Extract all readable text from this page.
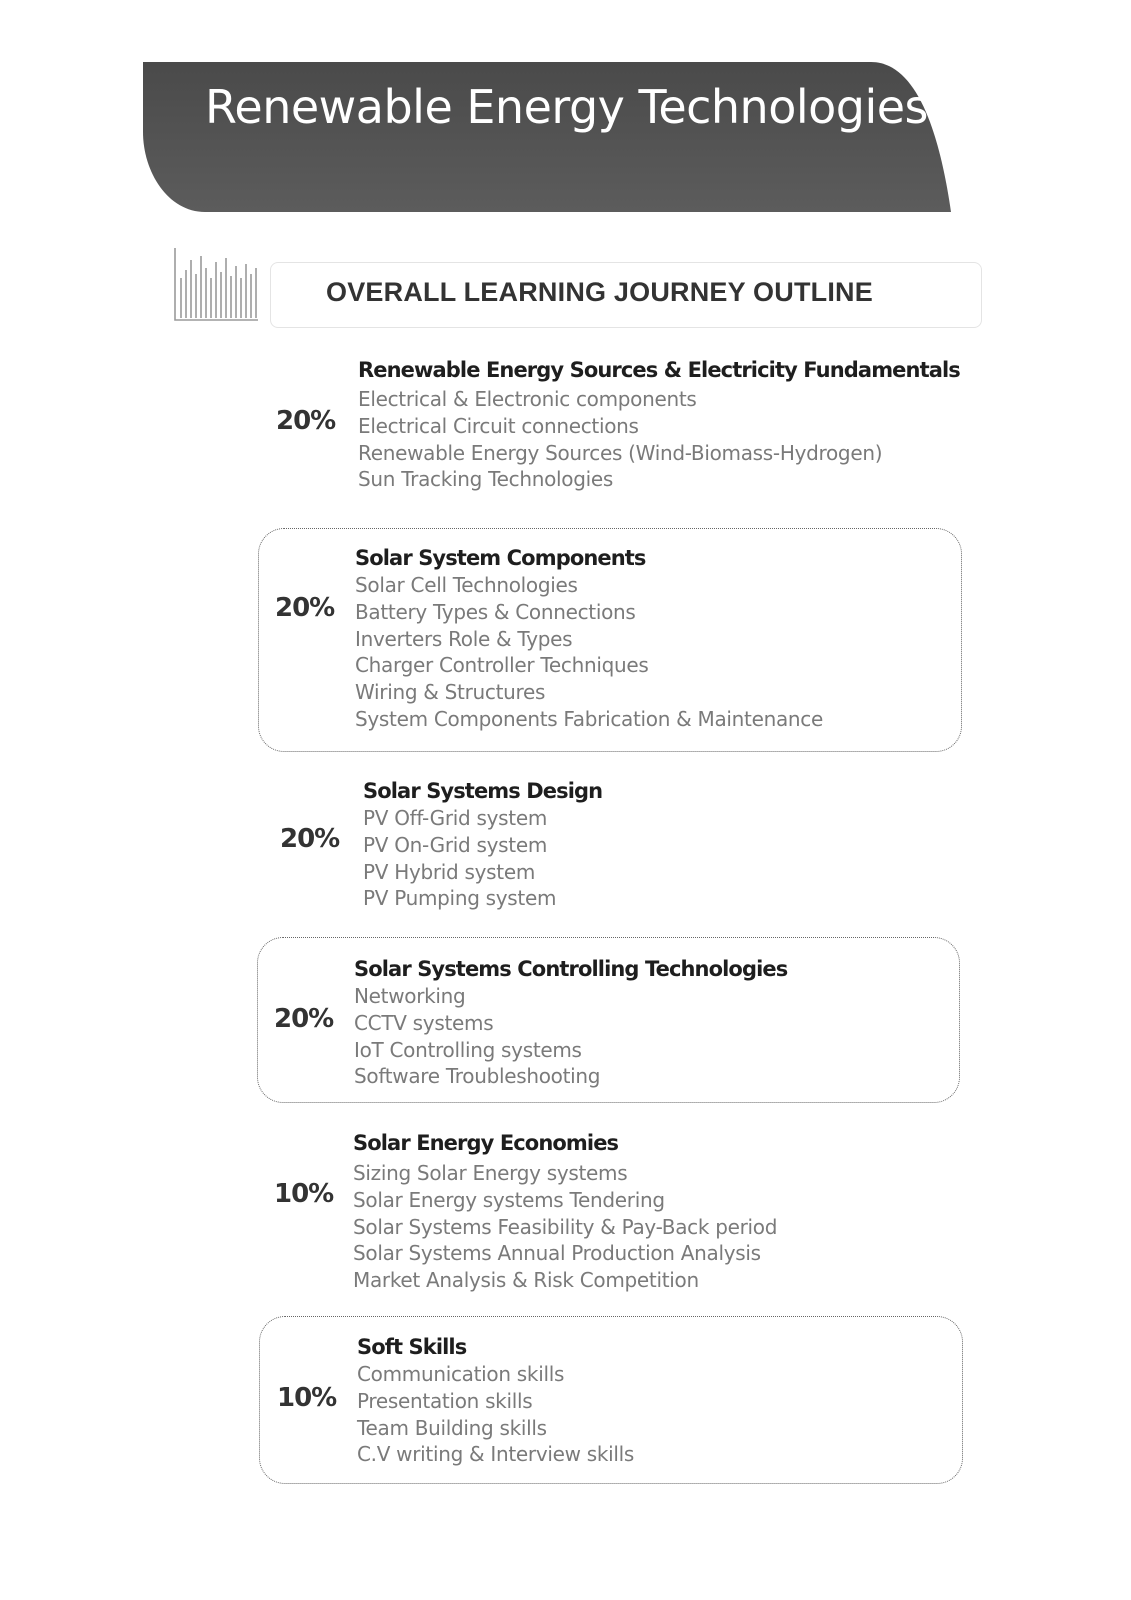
Renewable Energy Technologies
OVERALL LEARNING JOURNEY OUTLINE
20%
Renewable Energy Sources & Electricity Fundamentals
Electrical & Electronic components
Electrical Circuit connections
Renewable Energy Sources (Wind-Biomass-Hydrogen)
Sun Tracking Technologies
20%
Solar System Components
Solar Cell Technologies
Battery Types & Connections
Inverters Role & Types
Charger Controller Techniques
Wiring & Structures
System Components Fabrication & Maintenance
20%
Solar Systems Design
PV Off-Grid system
PV On-Grid system
PV Hybrid system
PV Pumping system
20%
Solar Systems Controlling Technologies
Networking
CCTV systems
IoT Controlling systems
Software Troubleshooting
10%
Solar Energy Economies
Sizing Solar Energy systems
Solar Energy systems Tendering
Solar Systems Feasibility & Pay-Back period
Solar Systems Annual Production Analysis
Market Analysis & Risk Competition
10%
Soft Skills
Communication skills
Presentation skills
Team Building skills
C.V writing & Interview skills
